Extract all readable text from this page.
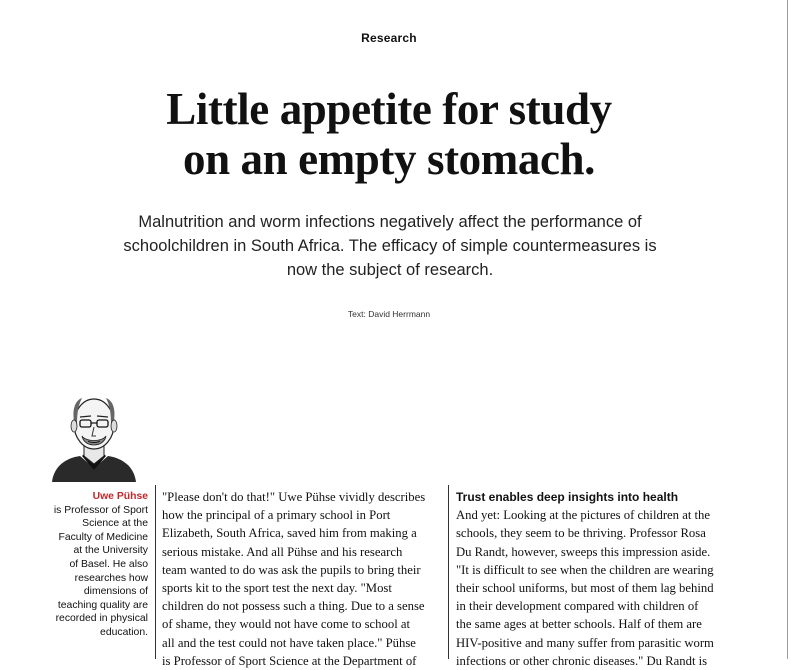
Research
Little appetite for study
on an empty stomach.
Malnutrition and worm infections negatively affect the performance of
schoolchildren in South Africa. The efficacy of simple countermeasures is
now the subject of research.
Text: David Herrmann
Uwe Pühse
is Professor of Sport
Science at the
Faculty of Medicine
at the University
of Basel. He also
researches how
dimensions of
teaching quality are
recorded in physical
education.
"Please don't do that!" Uwe Pühse vividly describes
how the principal of a primary school in Port
Elizabeth, South Africa, saved him from making a
serious mistake. And all Pühse and his research
team wanted to do was ask the pupils to bring their
sports kit to the sport test the next day. "Most
children do not possess such a thing. Due to a sense
of shame, they would not have come to school at
all and the test could not have taken place." Pühse
is Professor of Sport Science at the Department of
Trust enables deep insights into health
And yet: Looking at the pictures of children at the
schools, they seem to be thriving. Professor Rosa
Du Randt, however, sweeps this impression aside.
"It is difficult to see when the children are wearing
their school uniforms, but most of them lag behind
in their development compared with children of
the same ages at better schools. Half of them are
HIV-positive and many suffer from parasitic worm
infections or other chronic diseases." Du Randt is
